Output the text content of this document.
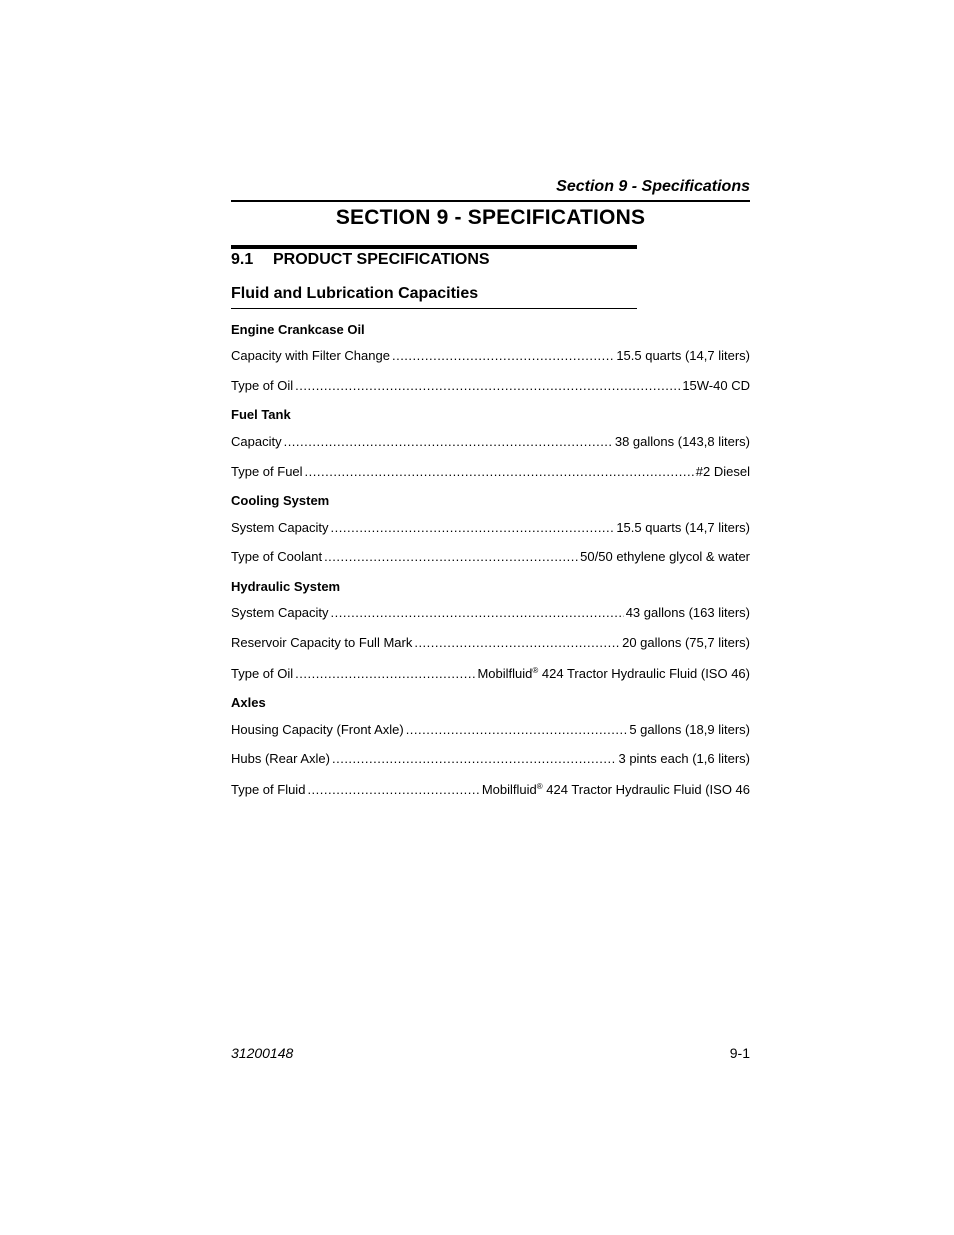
Section 9 - Specifications
SECTION 9 - SPECIFICATIONS
9.1 PRODUCT SPECIFICATIONS
Fluid and Lubrication Capacities
Engine Crankcase Oil
Capacity with Filter Change .....	15.5 quarts (14,7 liters)
Type of Oil .....	15W-40 CD
Fuel Tank
Capacity .....	38 gallons (143,8 liters)
Type of Fuel .....	#2 Diesel
Cooling System
System Capacity .....	15.5 quarts (14,7 liters)
Type of Coolant .....	50/50 ethylene glycol & water
Hydraulic System
System Capacity .....	43 gallons (163 liters)
Reservoir Capacity to Full Mark .....	20 gallons (75,7 liters)
Type of Oil .....	Mobilfluid® 424 Tractor Hydraulic Fluid (ISO 46)
Axles
Housing Capacity (Front Axle) .....	5 gallons (18,9 liters)
Hubs (Rear Axle) .....	3 pints each (1,6 liters)
Type of Fluid .....	Mobilfluid® 424 Tractor Hydraulic Fluid (ISO 46
31200148	9-1
